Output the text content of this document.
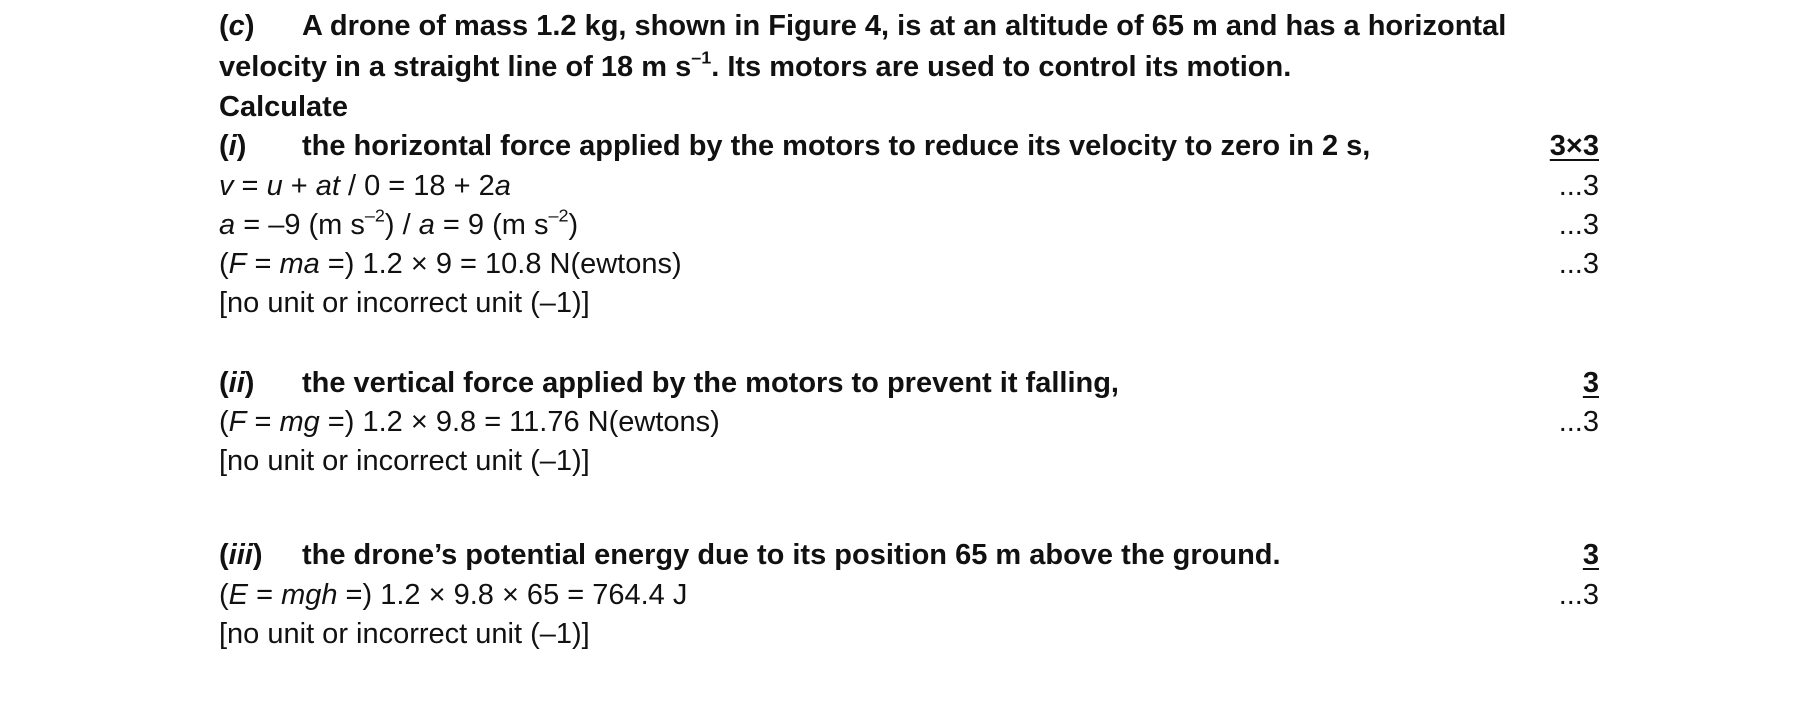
(c) A drone of mass 1.2 kg, shown in Figure 4, is at an altitude of 65 m and has a horizontal
velocity in a straight line of 18 m $s^{-1}$. Its motors are used to control its motion.
Calculate
(i) the horizontal force applied by the motors to reduce its velocity to zero in 2 s,	3×3
v = u + at / 0 = 18 + 2a	...3
a = –9 (m $s^{-2}) / a = 9$ (m $s^{-2}$)	...3
(F = ma =) 1.2 × 9 = 10.8 N(ewtons)	...3
[no unit or incorrect unit (–1)]
(ii) the vertical force applied by the motors to prevent it falling,	3
(F = mg =) 1.2 × 9.8 = 11.76 N(ewtons)	...3
[no unit or incorrect unit (–1)]
(iii) the drone’s potential energy due to its position 65 m above the ground.	3
(E = mgh =) 1.2 × 9.8 × 65 = 764.4 J	...3
[no unit or incorrect unit (–1)]
